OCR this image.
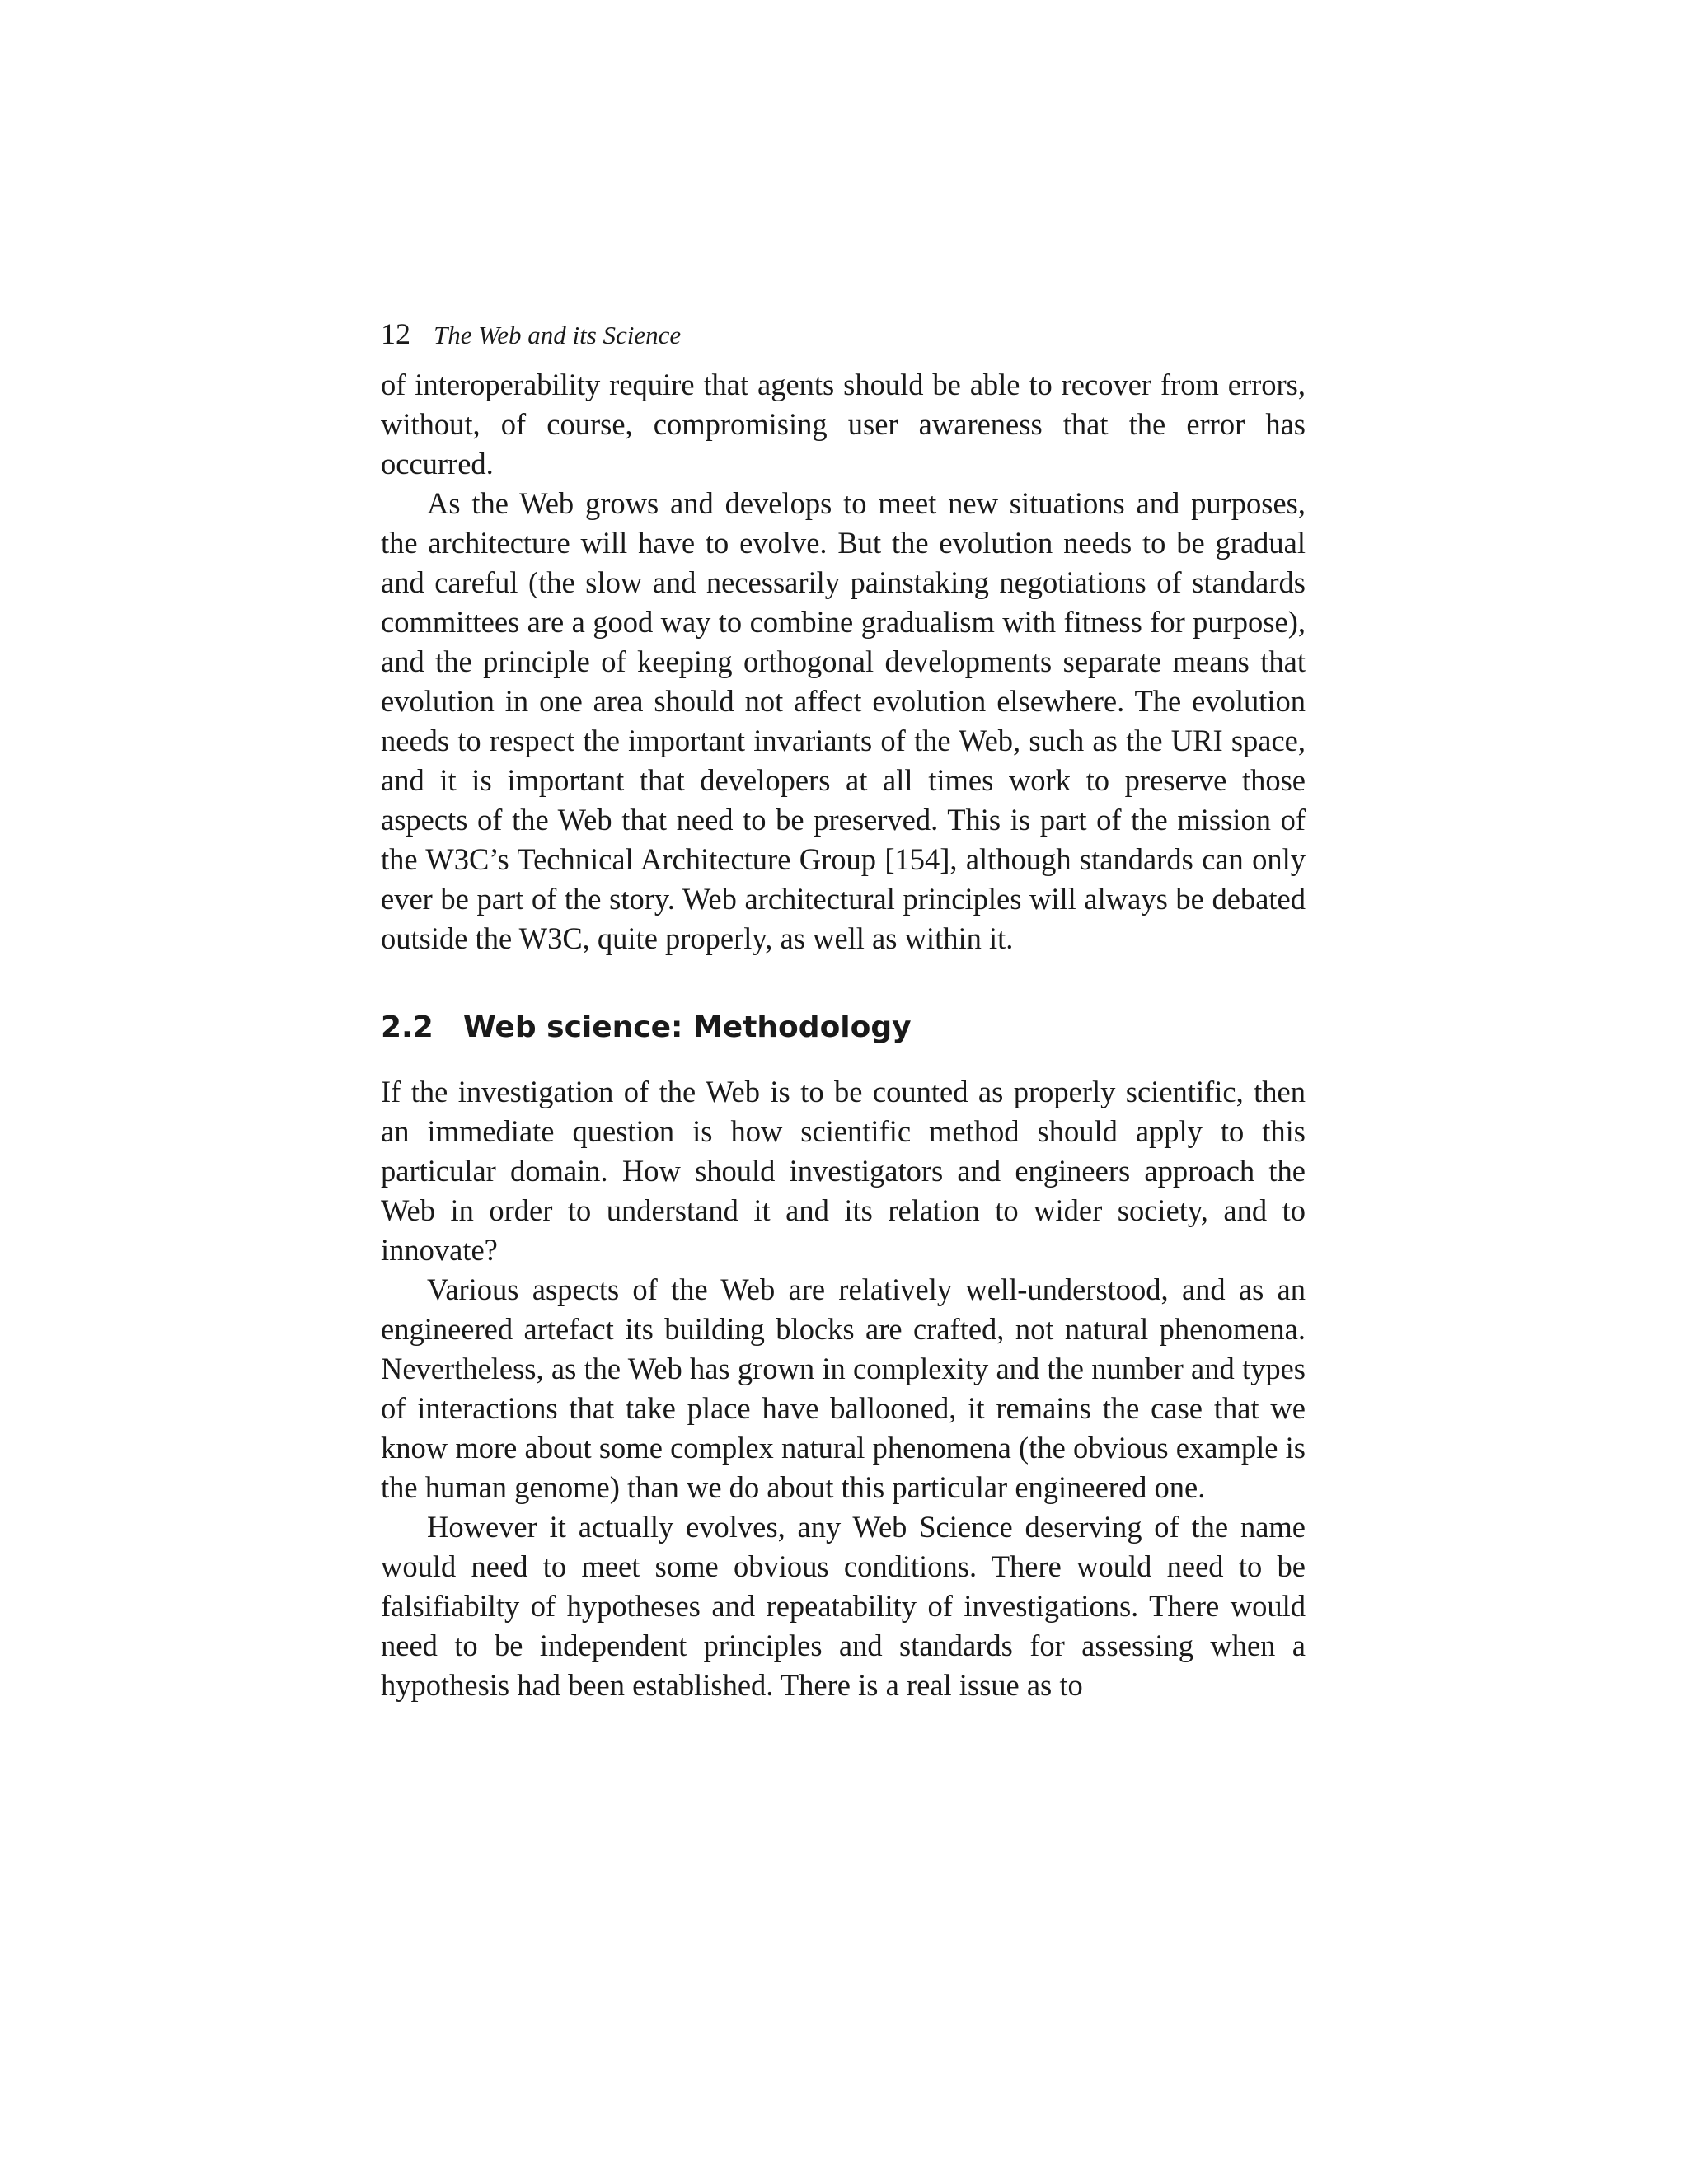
12 The Web and its Science

of interoperability require that agents should be able to recover from errors, without, of course, compromising user awareness that the error has occurred.

As the Web grows and develops to meet new situations and purposes, the architecture will have to evolve. But the evolution needs to be gradual and careful (the slow and necessarily painstaking negotiations of standards committees are a good way to combine gradualism with fitness for purpose), and the principle of keeping orthogonal developments separate means that evolution in one area should not affect evolution elsewhere. The evolution needs to respect the important invariants of the Web, such as the URI space, and it is important that developers at all times work to preserve those aspects of the Web that need to be preserved. This is part of the mission of the W3C’s Technical Architecture Group [154], although standards can only ever be part of the story. Web architectural principles will always be debated outside the W3C, quite properly, as well as within it.

2.2	Web science: Methodology

If the investigation of the Web is to be counted as properly scientific, then an immediate question is how scientific method should apply to this particular domain. How should investigators and engineers approach the Web in order to understand it and its relation to wider society, and to innovate?

Various aspects of the Web are relatively well-understood, and as an engineered artefact its building blocks are crafted, not natural phenomena. Nevertheless, as the Web has grown in complexity and the number and types of interactions that take place have ballooned, it remains the case that we know more about some complex natural phenomena (the obvious example is the human genome) than we do about this particular engineered one.

However it actually evolves, any Web Science deserving of the name would need to meet some obvious conditions. There would need to be falsifiabilty of hypotheses and repeatability of investigations. There would need to be independent principles and standards for assessing when a hypothesis had been established. There is a real issue as to
